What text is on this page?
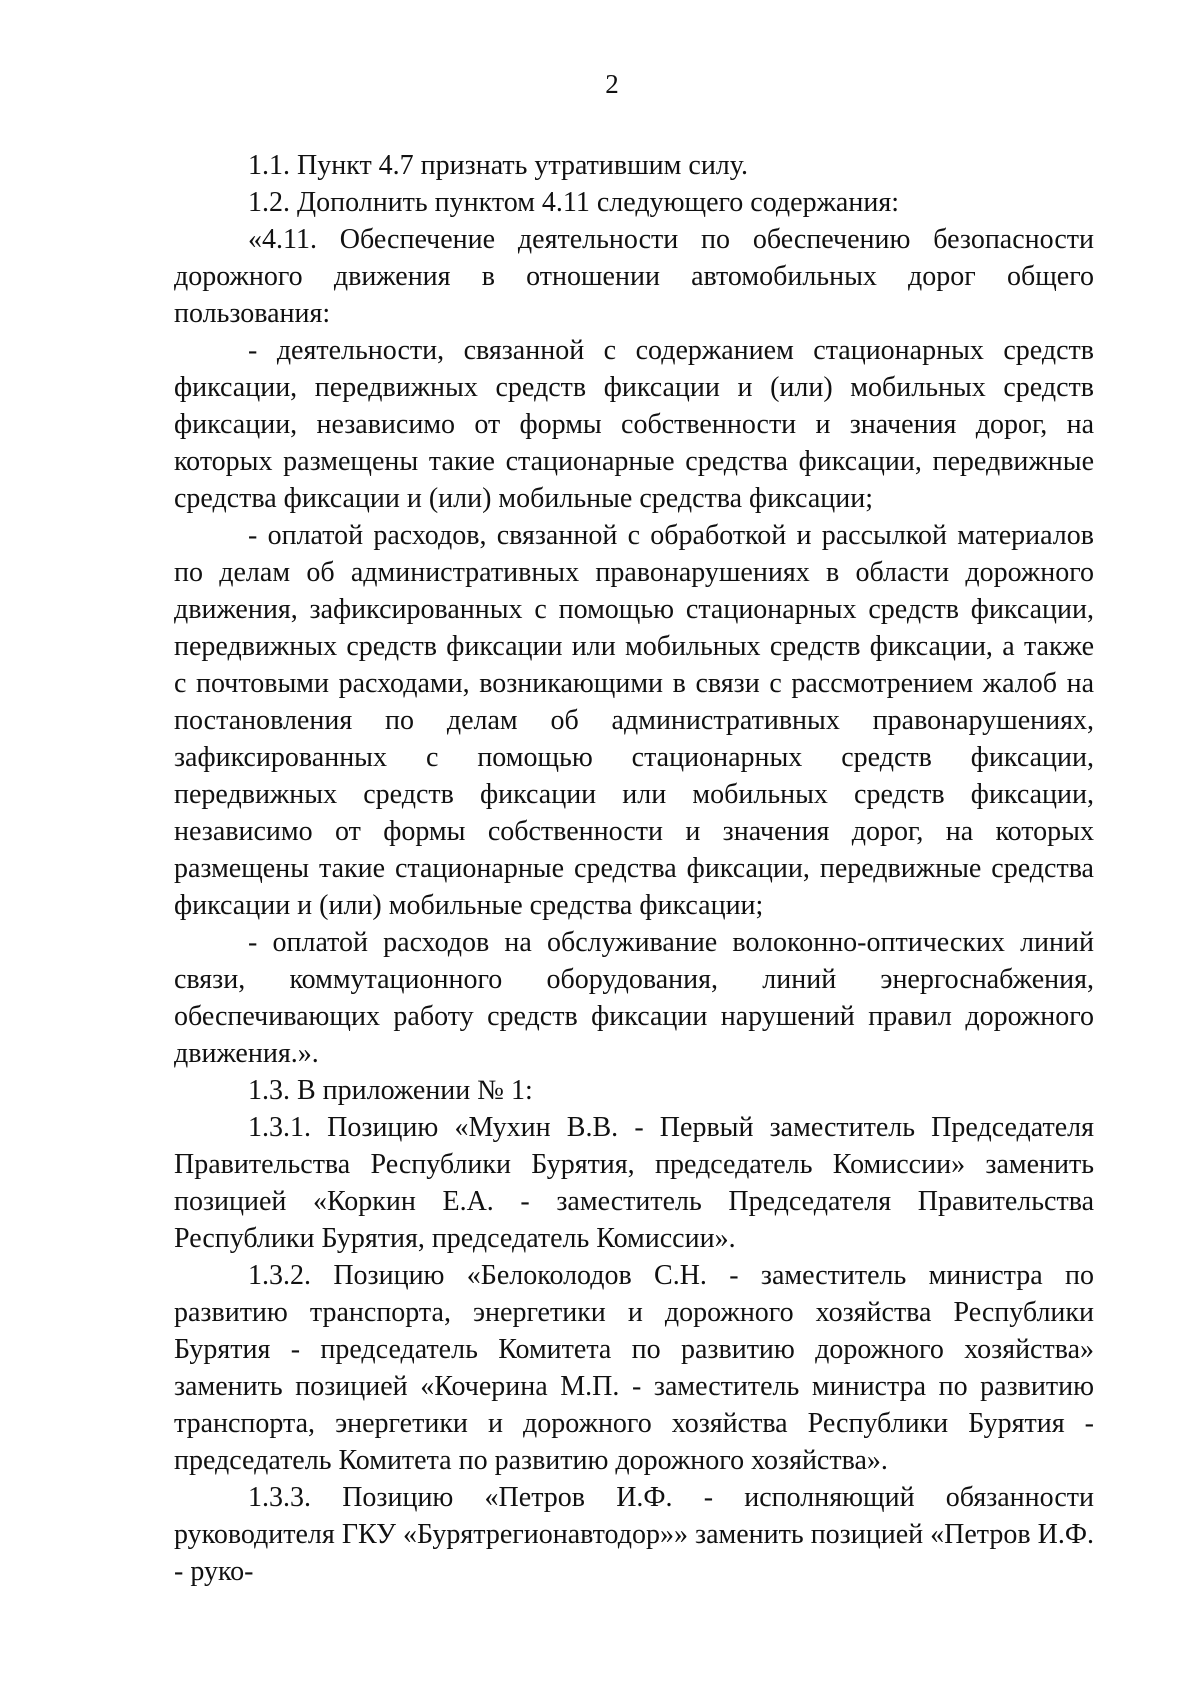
2

1.1. Пункт 4.7 признать утратившим силу.

1.2. Дополнить пунктом 4.11 следующего содержания:

«4.11. Обеспечение деятельности по обеспечению безопасности дорожного движения в отношении автомобильных дорог общего пользования:

- деятельности, связанной с содержанием стационарных средств фиксации, передвижных средств фиксации и (или) мобильных средств фиксации, независимо от формы собственности и значения дорог, на которых размещены такие стационарные средства фиксации, передвижные средства фиксации и (или) мобильные средства фиксации;

- оплатой расходов, связанной с обработкой и рассылкой материалов по делам об административных правонарушениях в области дорожного движения, зафиксированных с помощью стационарных средств фиксации, передвижных средств фиксации или мобильных средств фиксации, а также с почтовыми расходами, возникающими в связи с рассмотрением жалоб на постановления по делам об административных правонарушениях, зафиксированных с помощью стационарных средств фиксации, передвижных средств фиксации или мобильных средств фиксации, независимо от формы собственности и значения дорог, на которых размещены такие стационарные средства фиксации, передвижные средства фиксации и (или) мобильные средства фиксации;

- оплатой расходов на обслуживание волоконно-оптических линий связи, коммутационного оборудования, линий энергоснабжения, обеспечивающих работу средств фиксации нарушений правил дорожного движения.».

1.3. В приложении № 1:

1.3.1. Позицию «Мухин В.В. - Первый заместитель Председателя Правительства Республики Бурятия, председатель Комиссии» заменить позицией «Коркин Е.А. - заместитель Председателя Правительства Республики Бурятия, председатель Комиссии».

1.3.2. Позицию «Белоколодов С.Н. - заместитель министра по развитию транспорта, энергетики и дорожного хозяйства Республики Бурятия - председатель Комитета по развитию дорожного хозяйства» заменить позицией «Кочерина М.П. - заместитель министра по развитию транспорта, энергетики и дорожного хозяйства Республики Бурятия - председатель Комитета по развитию дорожного хозяйства».

1.3.3. Позицию «Петров И.Ф. - исполняющий обязанности руководителя ГКУ «Бурятрегионавтодор»» заменить позицией «Петров И.Ф. - руко-
